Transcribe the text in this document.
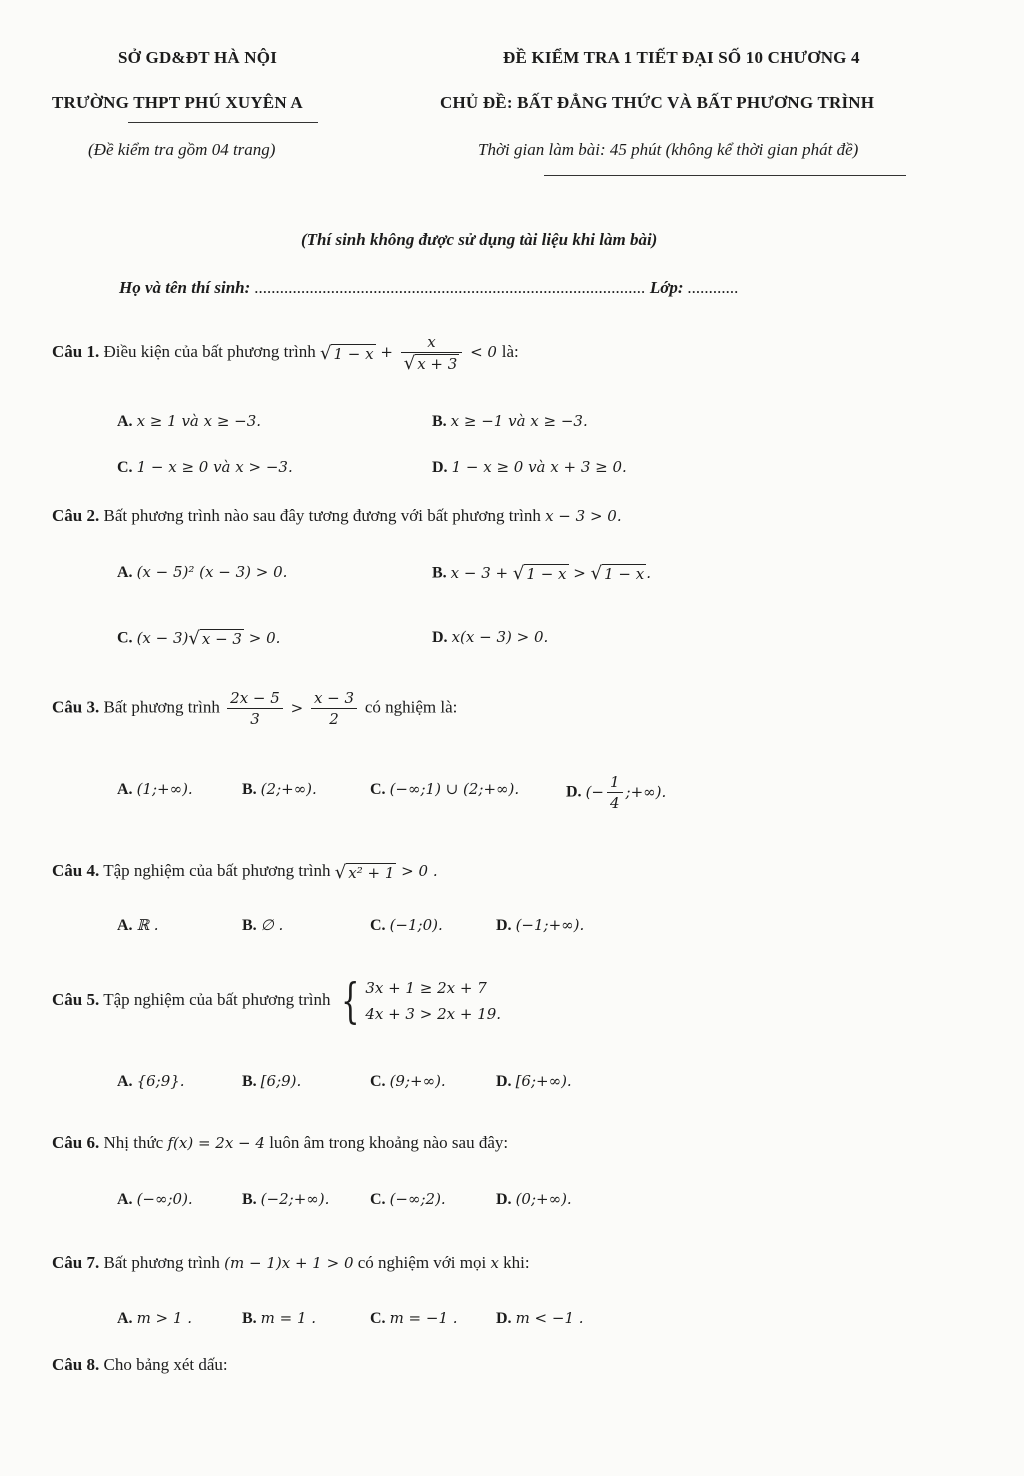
SỞ GD&ĐT HÀ NỘI	ĐỀ KIỂM TRA 1 TIẾT ĐẠI SỐ 10 CHƯƠNG 4
TRƯỜNG THPT PHÚ XUYÊN A	CHỦ ĐỀ: BẤT ĐẲNG THỨC VÀ BẤT PHƯƠNG TRÌNH
(Đề kiểm tra gồm 04 trang)	Thời gian làm bài: 45 phút (không kể thời gian phát đề)
(Thí sinh không được sử dụng tài liệu khi làm bài)
Họ và tên thí sinh: ............................................................................................ Lớp: ............
Câu 1. Điều kiện của bất phương trình √ $1 - x + \frac{x}{√ x + 3} < 0$ là:
A. x ≥ 1 và x ≥ −3.	B. x ≥ −1 và x ≥ −3.
C. 1 − x ≥ 0 và x > −3.	D. 1 − x ≥ 0 và x + 3 ≥ 0.
Câu 2. Bất phương trình nào sau đây tương đương với bất phương trình x − 3 > 0.
A. (x − 5)² (x − 3) > 0.	B. x − 3 + √ 1 − x > √ 1 − x .
C. (x − 3)√ x − 3 > 0.	D. x(x − 3) > 0.
Câu 3. Bất phương trình $\frac{2x - 5}{3} > \frac{x - 3}{2}$ có nghiệm là:
A. (1;+∞).	B. (2;+∞).	C. (−∞;1) ∪ (2;+∞).	D. (− $\frac{1}{4}$ ;+∞).
Câu 4. Tập nghiệm của bất phương trình √ x² + 1 > 0 .
A. ℝ .	B. ∅ .	C. (−1;0).	D. (−1;+∞).
Câu 5. Tập nghiệm của bất phương trình { 3x + 1 ≥ 2x + 7
4x + 3 > 2x + 19.
A. {6;9}.	B. [6;9).	C. (9;+∞).	D. [6;+∞).
Câu 6. Nhị thức f(x) = 2x − 4 luôn âm trong khoảng nào sau đây:
A. (−∞;0).	B. (−2;+∞).	C. (−∞;2).	D. (0;+∞).
Câu 7. Bất phương trình (m − 1)x + 1 > 0 có nghiệm với mọi x khi:
A. m > 1 .	B. m = 1 .	C. m = −1 . D. m < −1 .
Câu 8. Cho bảng xét dấu:
